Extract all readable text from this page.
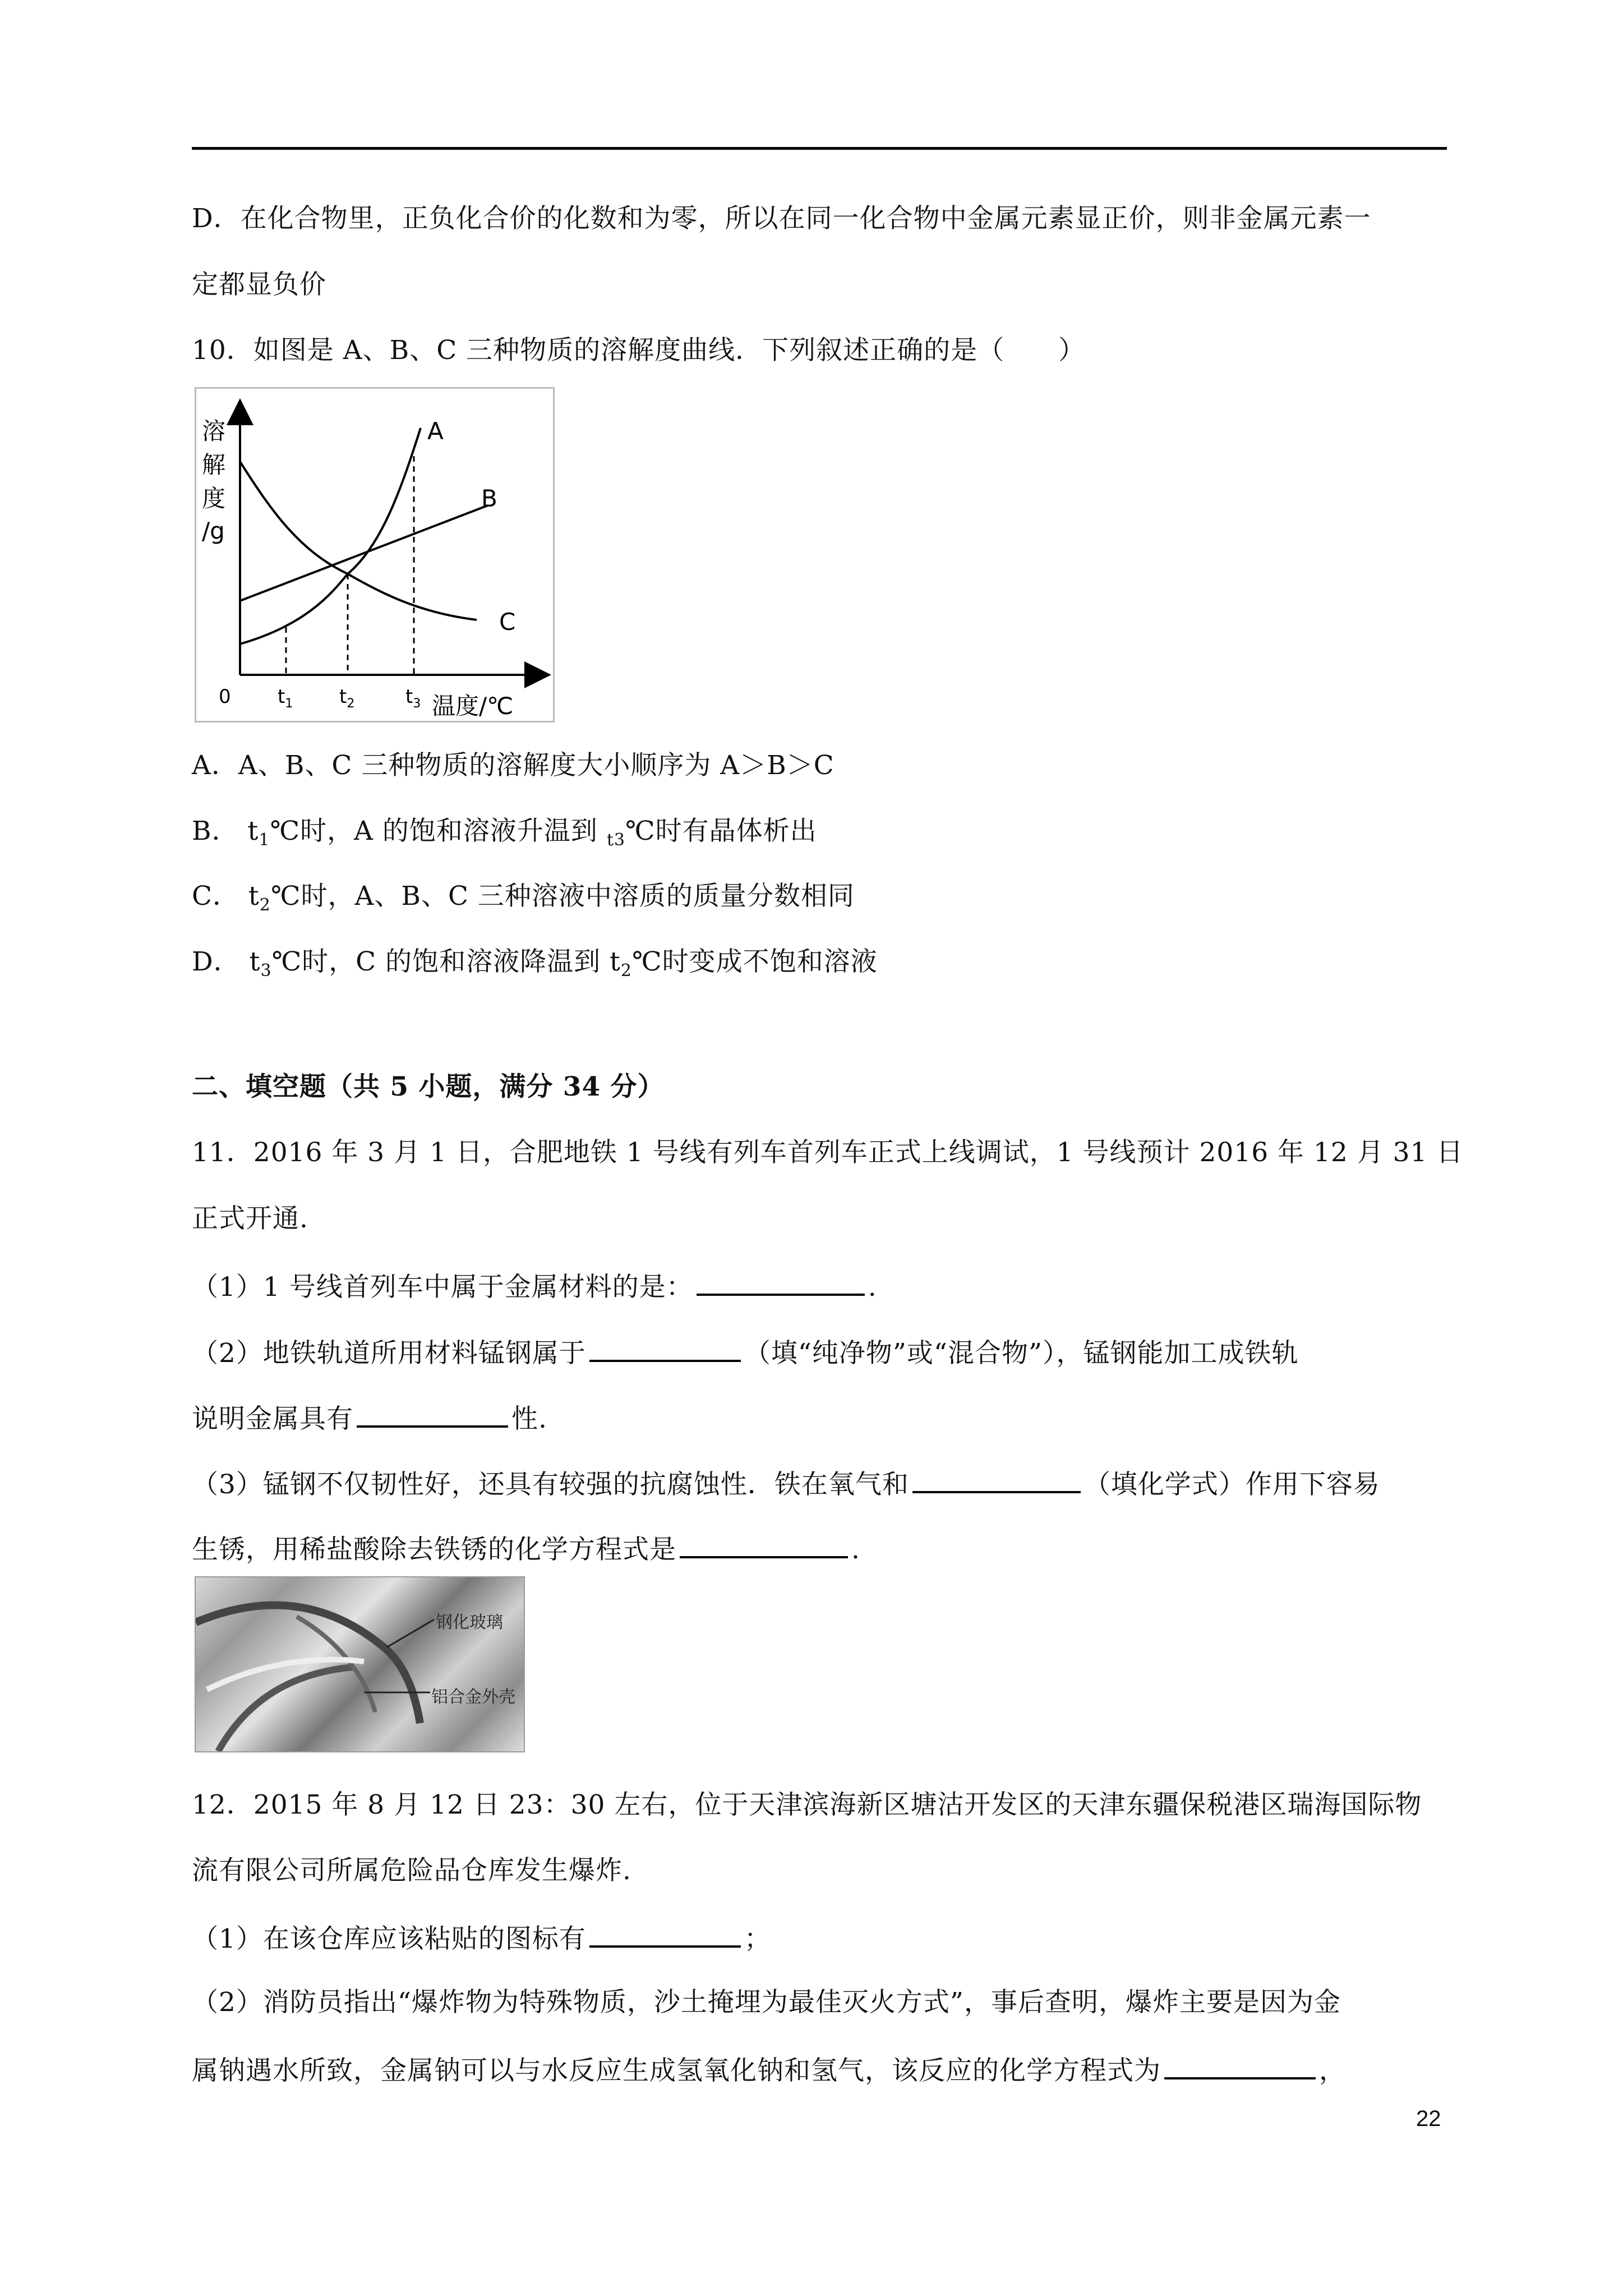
D．在化合物里，正负化合价的化数和为零，所以在同一化合物中金属元素显正价，则非金属元素一
定都显负价
10．如图是 A、B、C 三种物质的溶解度曲线．下列叙述正确的是（　　）
溶
解
度
/g
A
B
C
温度/℃
0 $t_1$ $t_2$	$t_3$
A．A、B、C 三种物质的溶解度大小顺序为 A＞B＞C
B． $t_1℃$时，A 的饱和溶液升温到 $_{t3}$℃时有晶体析出
C． $t_2℃$时，A、B、C 三种溶液中溶质的质量分数相同
D． $t_3℃$时，C 的饱和溶液降温到 $t_2℃$时变成不饱和溶液
二、填空题（共 5 小题，满分 34 分）
11．2016 年 3 月 1 日，合肥地铁 1 号线有列车首列车正式上线调试，1 号线预计 2016 年 12 月 31 日
正式开通.
（1）1 号线首列车中属于金属材料的是：	.
（2）地铁轨道所用材料锰钢属于	（填“纯净物”或“混合物”），锰钢能加工成铁轨
说明金属具有	性.
（3）锰钢不仅韧性好，还具有较强的抗腐蚀性．铁在氧气和	（填化学式）作用下容易
生锈，用稀盐酸除去铁锈的化学方程式是	.
钢化玻璃
铝合金外壳
12．2015 年 8 月 12 日 23：30 左右，位于天津滨海新区塘沽开发区的天津东疆保税港区瑞海国际物
流有限公司所属危险品仓库发生爆炸.
（1）在该仓库应该粘贴的图标有	；
（2）消防员指出“爆炸物为特殊物质，沙土掩埋为最佳灭火方式”，事后查明，爆炸主要是因为金
属钠遇水所致，金属钠可以与水反应生成氢氧化钠和氢气，该反应的化学方程式为	，
22
